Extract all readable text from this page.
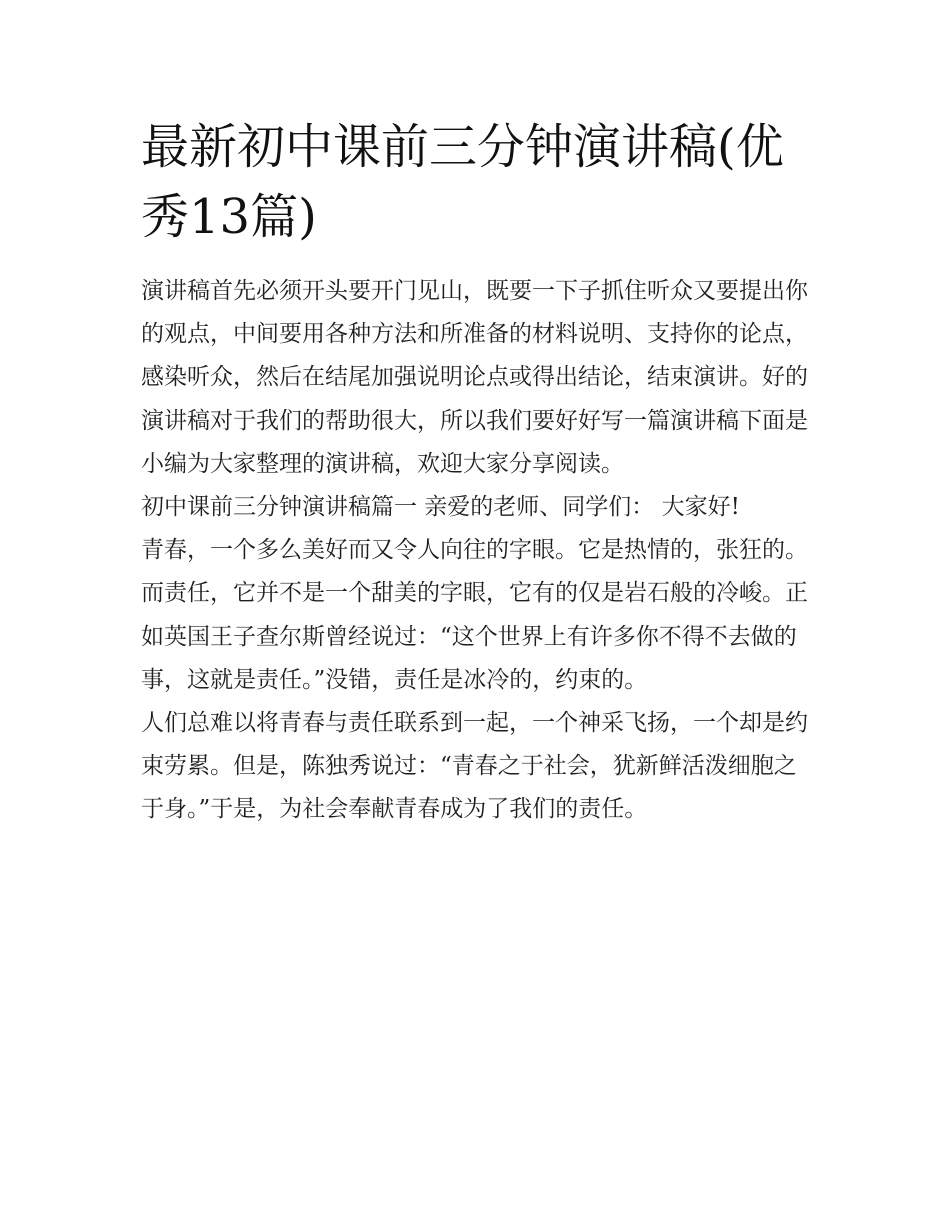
最新初中课前三分钟演讲稿(优秀13篇)

演讲稿首先必须开头要开门见山，既要一下子抓住听众又要提出你的观点，中间要用各种方法和所准备的材料说明、支持你的论点，感染听众，然后在结尾加强说明论点或得出结论，结束演讲。好的演讲稿对于我们的帮助很大，所以我们要好好写一篇演讲稿下面是小编为大家整理的演讲稿，欢迎大家分享阅读。

初中课前三分钟演讲稿篇一 亲爱的老师、同学们： 大家好!

青春，一个多么美好而又令人向往的字眼。它是热情的，张狂的。

而责任，它并不是一个甜美的字眼，它有的仅是岩石般的冷峻。正如英国王子查尔斯曾经说过：“这个世界上有许多你不得不去做的事，这就是责任。”没错，责任是冰冷的，约束的。

人们总难以将青春与责任联系到一起，一个神采飞扬，一个却是约束劳累。但是，陈独秀说过：“青春之于社会，犹新鲜活泼细胞之于身。”于是，为社会奉献青春成为了我们的责任。
